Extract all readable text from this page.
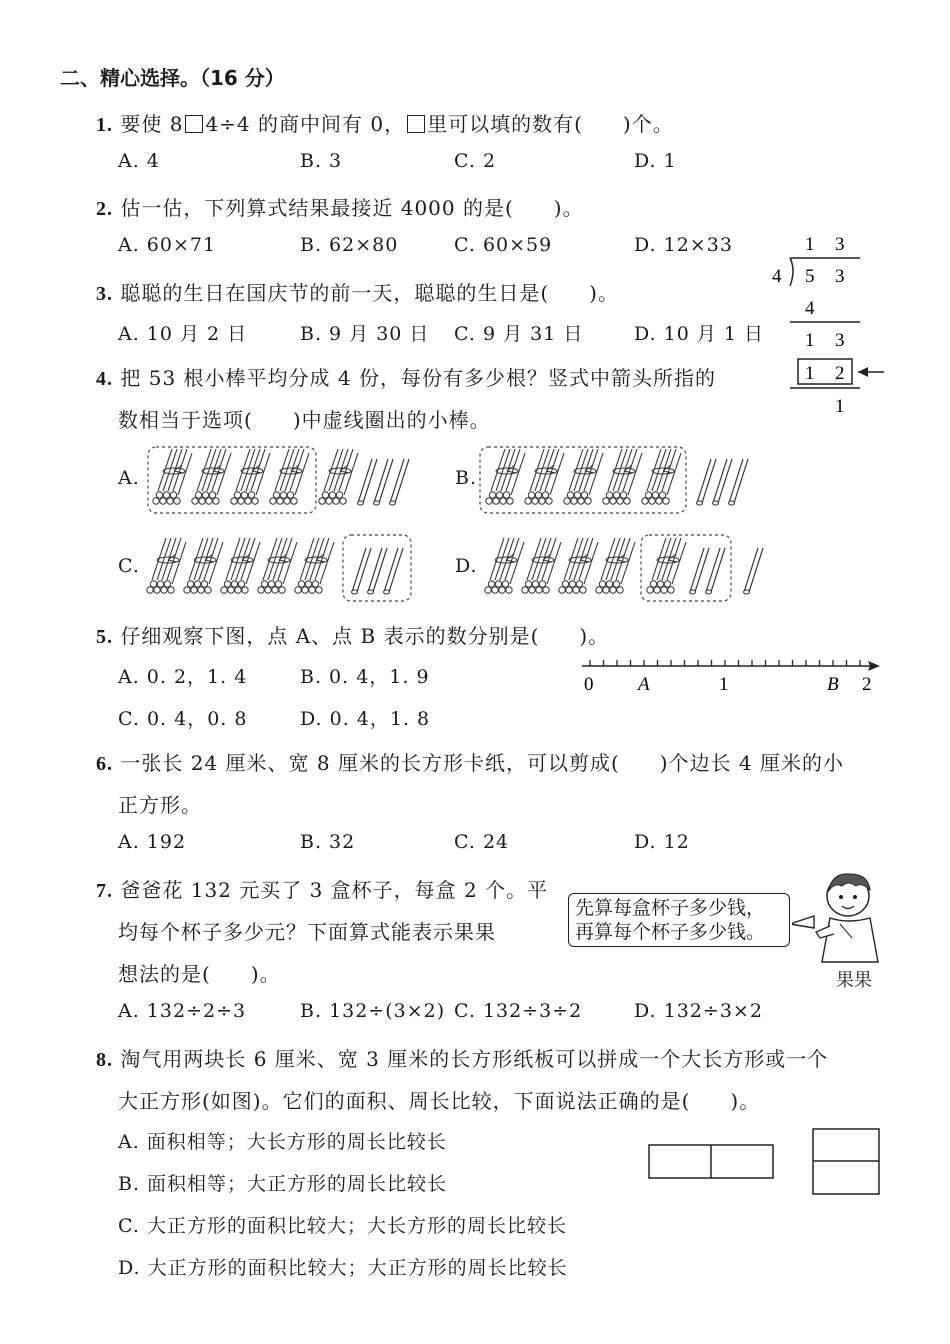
二、精心选择。（16 分）
1. 要使 8 4÷4 的商中间有 0， 里可以填的数有( )个。
A. 4	B. 3	C. 2	D. 1
2. 估一估，下列算式结果最接近 4000 的是( )。
A. 60×71	B. 62×80	C. 60×59	D. 12×33
3. 聪聪的生日在国庆节的前一天，聪聪的生日是( )。
A. 10 月 2 日	B. 9 月 30 日 C. 9 月 31 日	D. 10 月 1 日
1 3
4 5 3
4
1 3
1 2
1
4. 把 53 根小棒平均分成 4 份，每份有多少根？竖式中箭头所指的
数相当于选项( )中虚线圈出的小棒。
A.	B.
C.	D.
5. 仔细观察下图，点 A、点 B 表示的数分别是( )。
A. 0. 2，1. 4	B. 0. 4，1. 9
C. 0. 4，0. 8	D. 0. 4，1. 8
0 A	1	B 2
6. 一张长 24 厘米、宽 8 厘米的长方形卡纸，可以剪成( )个边长 4 厘米的小
正方形。
A. 192	B. 32	C. 24	D. 12
7. 爸爸花 132 元买了 3 盒杯子，每盒 2 个。平
均每个杯子多少元？下面算式能表示果果
想法的是( )。
先算每盒杯子多少钱，
再算每个杯子多少钱。
果果
A. 132÷2÷3	B. 132÷(3×2) C. 132÷3÷2	D. 132÷3×2
8. 淘气用两块长 6 厘米、宽 3 厘米的长方形纸板可以拼成一个大长方形或一个
大正方形(如图)。它们的面积、周长比较，下面说法正确的是( )。
A. 面积相等；大长方形的周长比较长
B. 面积相等；大正方形的周长比较长
C. 大正方形的面积比较大；大长方形的周长比较长
D. 大正方形的面积比较大；大正方形的周长比较长
